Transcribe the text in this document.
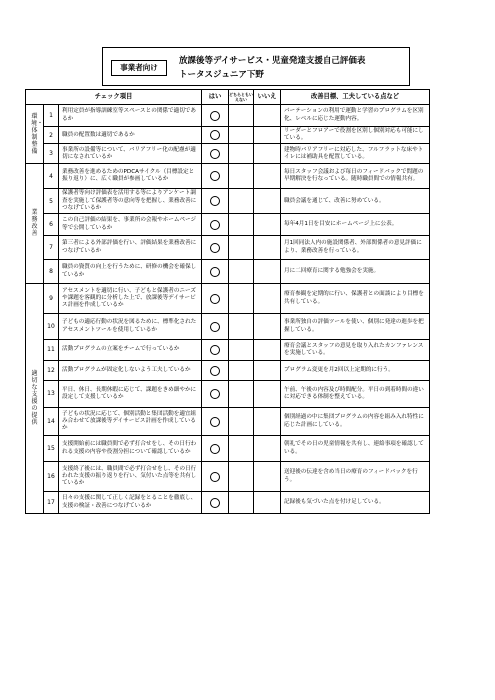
事業者向け
放課後等デイサービス・児童発達支援自己評価表
トータスジュニア下野
チェック項目			はい	どちらともいえない	いいえ	改善目標、工夫している点など
環境・体制整備	1	利用定員が指導訓練室等スペースとの関係で適切であるか				パーテーションの利用で運動と学習のプログラムを区別化、レベルに応じた運動内容。
	2	職員の配置数は適切であるか				リーダーとフロアーで役割を区別し個別対応も可能にしている。
	3	事業所の設備等について、バリアフリー化の配慮が適切になされているか				建物時バリアフリーに対応した、フルフラットな床やトイレには補助具を配置している。
業務改善	4	業務改善を進めるためのPDCAサイクル（目標設定と振り返り）に、広く職員が参画しているか				毎日スタッフ会議および毎日のフィードバックで問題の早期解決を行なっている。随時職員間での情報共有。
	5	保護者等向け評価表を活用する等によりアンケート調査を実施して保護者等の意向等を把握し、業務改善につなげているか				職員会議を通じて、改善に努めている。
	6	この自己評価の結果を、事業所の会報やホームページ等で公開しているか				毎年4月1日を目安にホームページ上に公表。
	7	第三者による外部評価を行い、評価結果を業務改善につなげているか				月1回同法人内の施設関係者、外部関係者の意見評価により、業務改善を行っている。
	8	職員の資質の向上を行うために、研修の機会を確保しているか				月に二回療育に関する勉強会を実施。
適切な支援の提供	9	アセスメントを適切に行い、子どもと保護者のニーズや課題を客観的に分析した上で、放課後等デイサービス計画を作成しているか				療育参観を定期的に行い、保護者との面談により目標を共有している。
	10	子どもの適応行動の状況を図るために、標準化されたアセスメントツールを使用しているか				事業所独自の評価ツールを使い、個別に発達の進歩を把握している。
	11	活動プログラムの立案をチームで行っているか				療育会議とスタッフの意見を取り入れたカンファレンスを実施している。
	12	活動プログラムが固定化しないよう工夫しているか				プログラム変更を月2回以上定期的に行う。
	13	平日、休日、長期休暇に応じて、課題をきめ細やかに設定して支援しているか				午前、午後の内容及び時間配分。平日の到着時間の違いに対応できる体制を整えている。
	14	子どもの状況に応じて、個別活動と集団活動を適宜組み合わせて放課後等デイサービス計画を作成しているか				個別経過の中に集団プログラムの内容を組み入れ特性に応じた計画にしている。
	15	支援開始前には職員間で必ず打合せをし、その日行われる支援の内容や役割分担について確認しているか				朝礼でその日の児童情報を共有し、連絡事項を確認している。
	16	支援終了後には、職員間で必ず打合せをし、その日行われた支援の振り返りを行い、気付いた点等を共有しているか				送迎後の伝達を含め当日の療育のフィードバックを行う。
	17	日々の支援に関して正しく記録をとることを徹底し、支援の検証・改善につなげているか				記録後も気づいた点を付け足している。
